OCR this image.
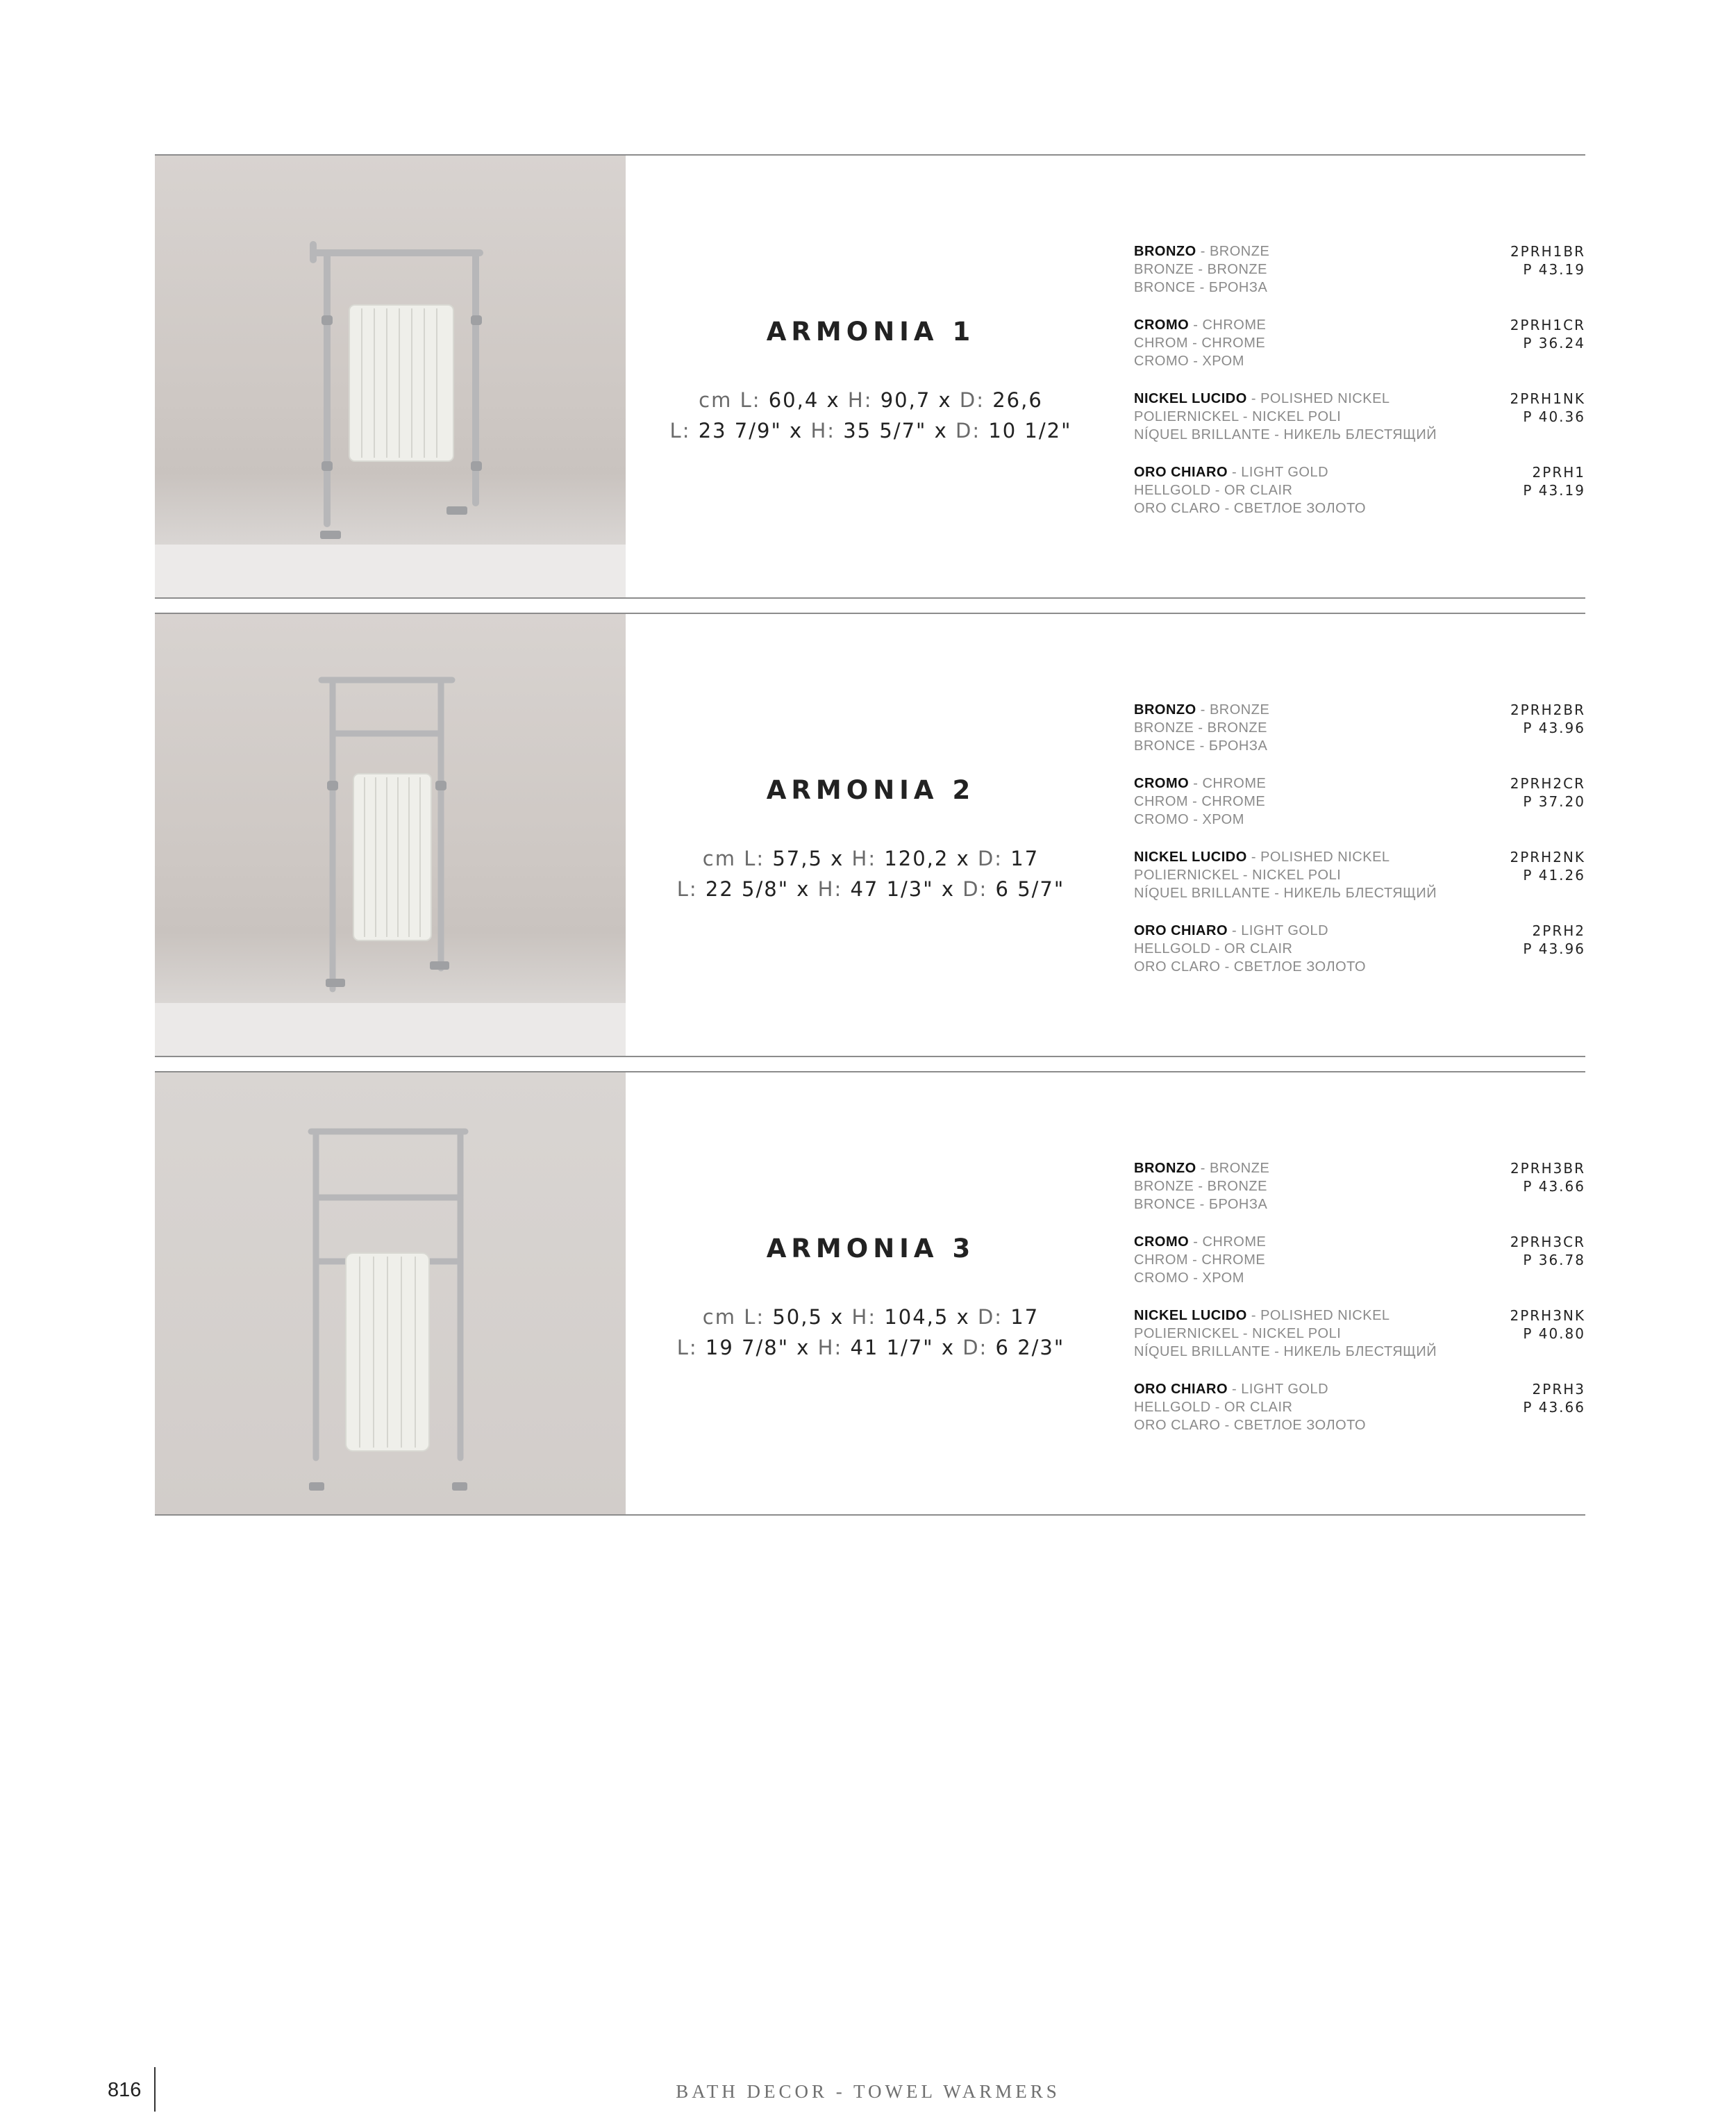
ARMONIA 1
cm L: 60,4 x H: 90,7 x D: 26,6
L: 23 7/9" x H: 35 5/7" x D: 10 1/2"
BRONZO - BRONZE
BRONZE - BRONZE
BRONCE - БРОНЗА
2PRH1BR
P 43.19
CROMO - CHROME
CHROM - CHROME
CROMO - ХРОМ
2PRH1CR
P 36.24
NICKEL LUCIDO - POLISHED NICKEL
POLIERNICKEL - NICKEL POLI
NÍQUEL BRILLANTE - НИКЕЛЬ БЛЕСТЯЩИЙ
2PRH1NK
P 40.36
ORO CHIARO - LIGHT GOLD
HELLGOLD - OR CLAIR
ORO CLARO - СВЕТЛОЕ ЗОЛОТО
2PRH1
P 43.19
ARMONIA 2
cm L: 57,5 x H: 120,2 x D: 17
L: 22 5/8" x H: 47 1/3" x D: 6 5/7"
BRONZO - BRONZE
BRONZE - BRONZE
BRONCE - БРОНЗА
2PRH2BR
P 43.96
CROMO - CHROME
CHROM - CHROME
CROMO - ХРОМ
2PRH2CR
P 37.20
NICKEL LUCIDO - POLISHED NICKEL
POLIERNICKEL - NICKEL POLI
NÍQUEL BRILLANTE - НИКЕЛЬ БЛЕСТЯЩИЙ
2PRH2NK
P 41.26
ORO CHIARO - LIGHT GOLD
HELLGOLD - OR CLAIR
ORO CLARO - СВЕТЛОЕ ЗОЛОТО
2PRH2
P 43.96
ARMONIA 3
cm L: 50,5 x H: 104,5 x D: 17
L: 19 7/8" x H: 41 1/7" x D: 6 2/3"
BRONZO - BRONZE
BRONZE - BRONZE
BRONCE - БРОНЗА
2PRH3BR
P 43.66
CROMO - CHROME
CHROM - CHROME
CROMO - ХРОМ
2PRH3CR
P 36.78
NICKEL LUCIDO - POLISHED NICKEL
POLIERNICKEL - NICKEL POLI
NÍQUEL BRILLANTE - НИКЕЛЬ БЛЕСТЯЩИЙ
2PRH3NK
P 40.80
ORO CHIARO - LIGHT GOLD
HELLGOLD - OR CLAIR
ORO CLARO - СВЕТЛОЕ ЗОЛОТО
2PRH3
P 43.66
816	BATH DECOR - TOWEL WARMERS
